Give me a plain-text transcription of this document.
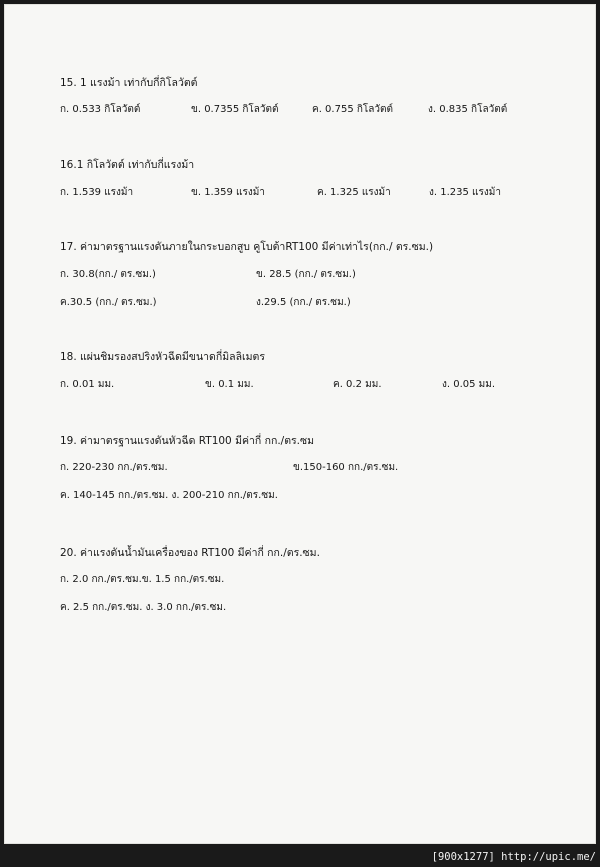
15. 1 แรงม้า เท่ากับกี่กิโลวัตต์
ก. 0.533 กิโลวัตต์	ข. 0.7355 กิโลวัตต์	ค. 0.755 กิโลวัตต์	ง. 0.835 กิโลวัตต์
16.1 กิโลวัตต์ เท่ากับกี่แรงม้า
ก. 1.539 แรงม้า	ข. 1.359 แรงม้า	ค. 1.325 แรงม้า	ง. 1.235 แรงม้า
17. ค่ามาตรฐานแรงดันภายในกระบอกสูบ คูโบต้าRT100 มีค่าเท่าไร(กก./ ตร.ซม.)
ก. 30.8(กก./ ตร.ซม.)	ข. 28.5 (กก./ ตร.ซม.)
ค.30.5 (กก./ ตร.ซม.)	ง.29.5 (กก./ ตร.ซม.)
18. แผ่นชิมรองสปริงหัวฉีดมีขนาดกี่มิลลิเมตร
ก. 0.01 มม.	ข. 0.1 มม.	ค. 0.2 มม.	ง. 0.05 มม.
19. ค่ามาตรฐานแรงดันหัวฉีด RT100 มีค่ากี่ กก./ตร.ซม
ก. 220-230 กก./ตร.ซม.	ข.150-160 กก./ตร.ซม.
ค. 140-145 กก./ตร.ซม. ง. 200-210 กก./ตร.ซม.
20. ค่าแรงดันน้ำมันเครื่องของ RT100 มีค่ากี่ กก./ตร.ซม.
ก. 2.0 กก./ตร.ซม.ข. 1.5 กก./ตร.ซม.
ค. 2.5 กก./ตร.ซม. ง. 3.0 กก./ตร.ซม.
[900x1277] http://upic.me/
